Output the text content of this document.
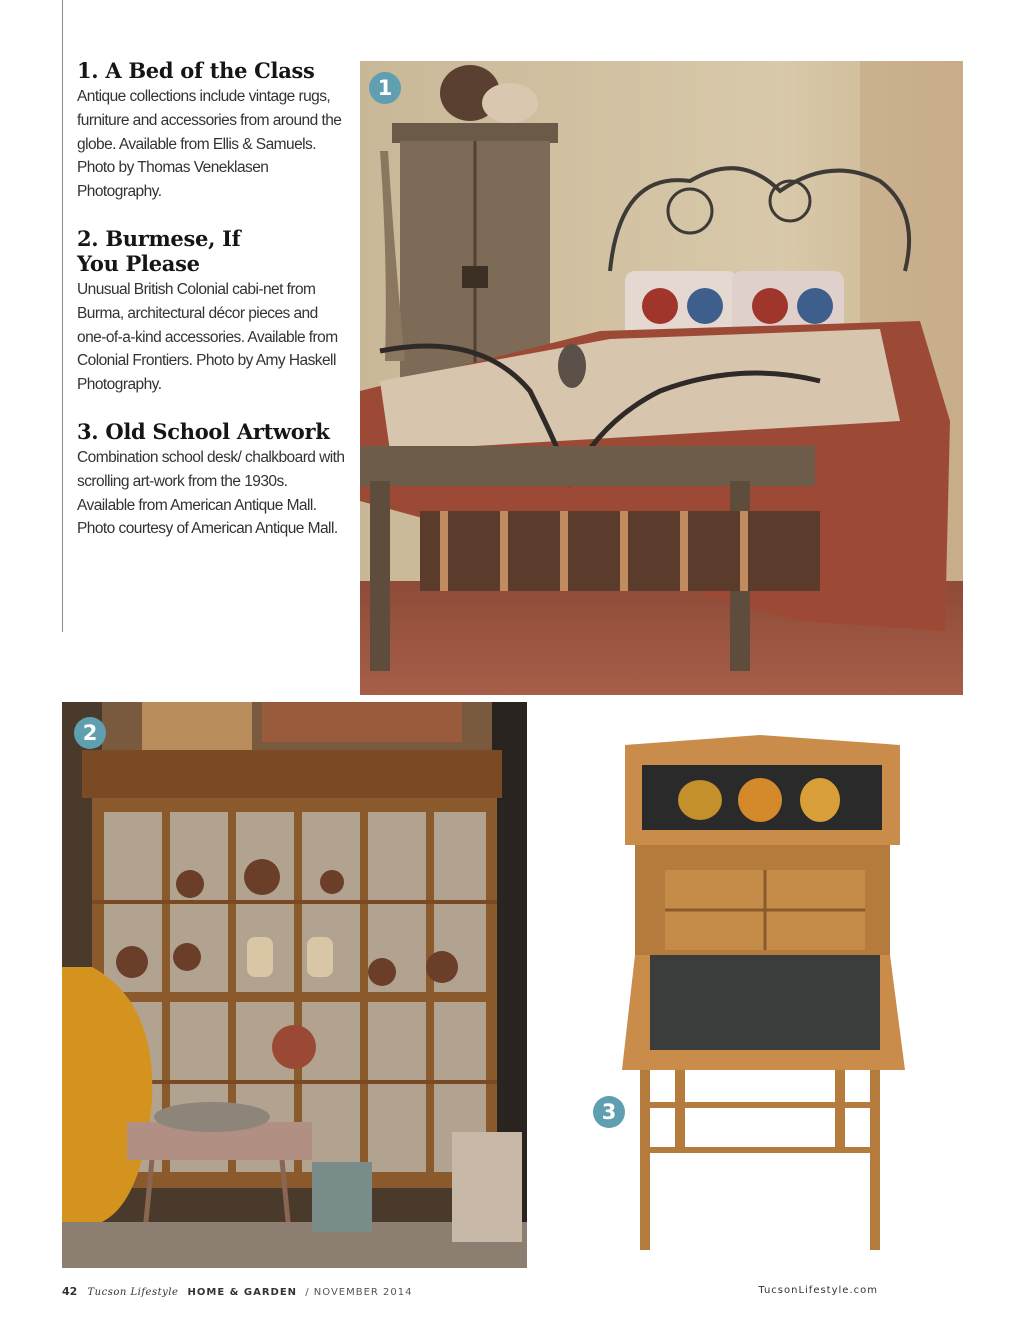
1. A Bed of the Class

Antique collections include vintage rugs, furniture and accessories from around the globe. Available from Ellis & Samuels. Photo by Thomas Veneklasen Photography.

2. Burmese, If
You Please

Unusual British Colonial cabi-net from Burma, architectural décor pieces and one-of-a-kind accessories. Available from Colonial Frontiers. Photo by Amy Haskell Photography.

3. Old School Artwork

Combination school desk/ chalkboard with scrolling art-work from the 1930s. Available from American Antique Mall. Photo courtesy of American Antique Mall.

1
2
3
42 Tucson Lifestyle HOME & GARDEN / NOVEMBER 2014	TucsonLifestyle.com
